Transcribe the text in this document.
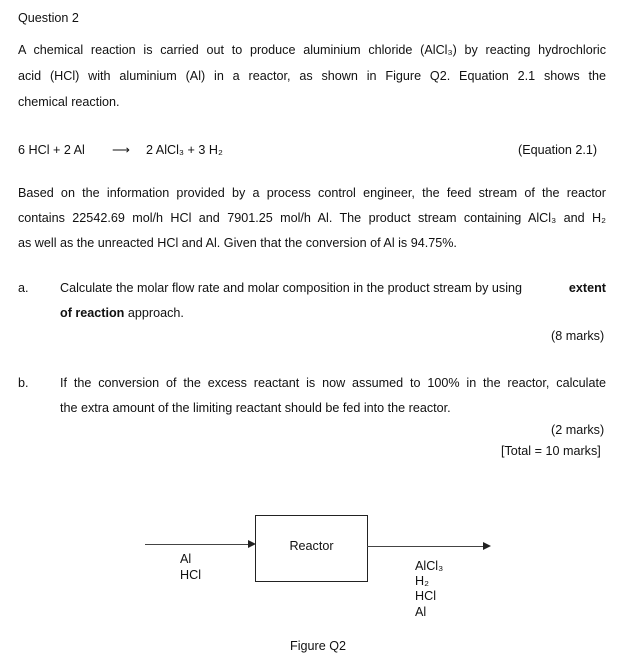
Question 2
A chemical reaction is carried out to produce aluminium chloride (AlCl₃) by reacting hydrochloric
acid (HCl) with aluminium (Al) in a reactor, as shown in Figure Q2. Equation 2.1 shows the
chemical reaction.
6 HCl + 2 Al ⟶ 2 AlCl₃ + 3 H₂	(Equation 2.1)
Based on the information provided by a process control engineer, the feed stream of the reactor
contains 22542.69 mol/h HCl and 7901.25 mol/h Al. The product stream containing AlCl₃ and H₂
as well as the unreacted HCl and Al. Given that the conversion of Al is 94.75%.
a. Calculate the molar flow rate and molar composition in the product stream by using	extent
of reaction approach.
(8 marks)
b. If the conversion of the excess reactant is now assumed to 100% in the reactor, calculate
the extra amount of the limiting reactant should be fed into the reactor.
(2 marks)
[Total = 10 marks]
Reactor
Al
HCl
AlCl₃
H₂
HCl
Al
Figure Q2
